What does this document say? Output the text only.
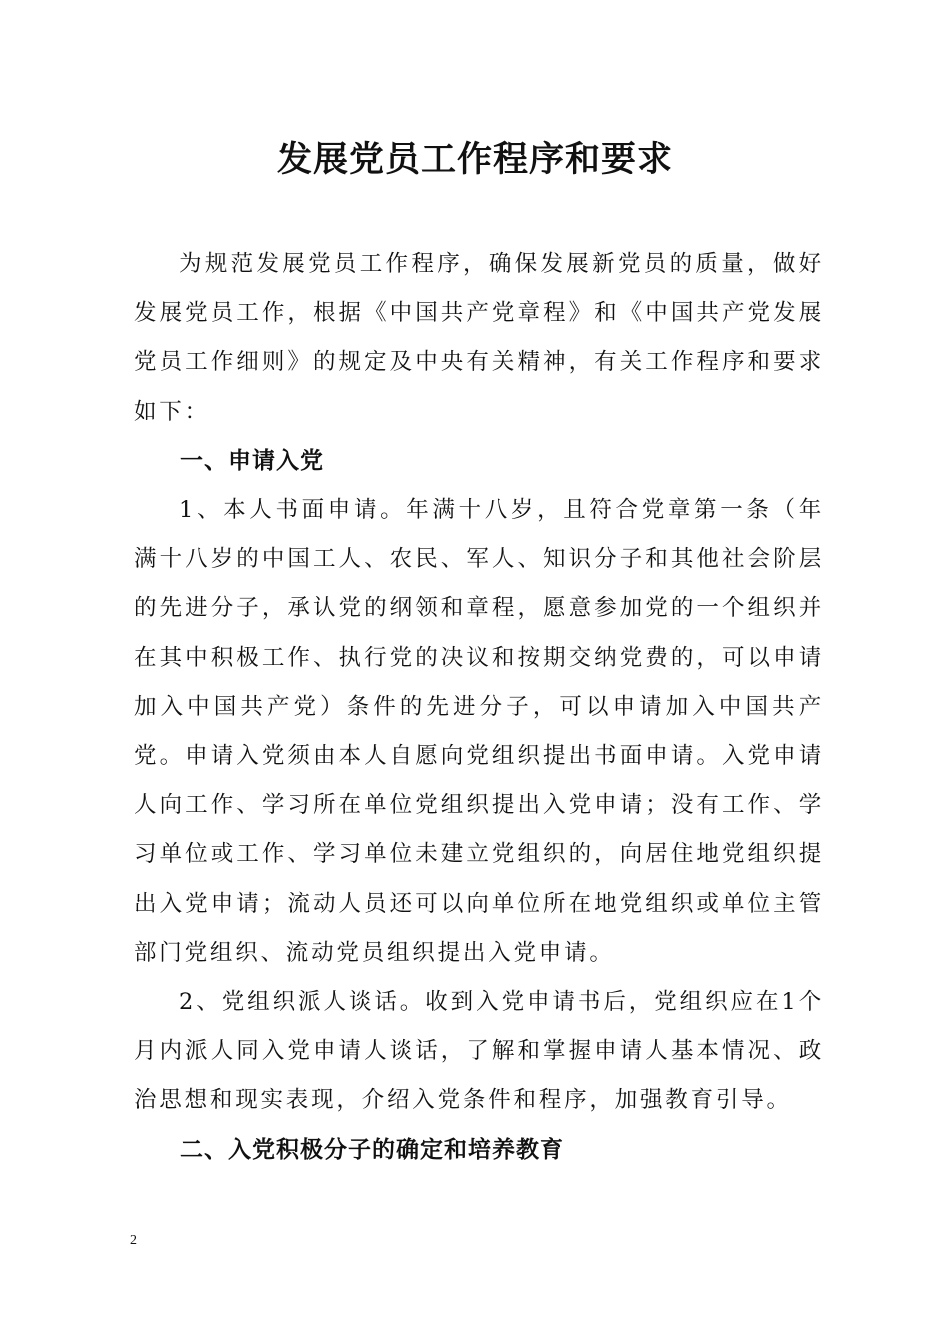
发展党员工作程序和要求

为规范发展党员工作程序，确保发展新党员的质量，做好发展党员工作，根据《中国共产党章程》和《中国共产党发展党员工作细则》的规定及中央有关精神，有关工作程序和要求如下：

一、申请入党

1、本人书面申请。年满十八岁，且符合党章第一条（年满十八岁的中国工人、农民、军人、知识分子和其他社会阶层的先进分子，承认党的纲领和章程，愿意参加党的一个组织并在其中积极工作、执行党的决议和按期交纳党费的，可以申请加入中国共产党）条件的先进分子，可以申请加入中国共产党。申请入党须由本人自愿向党组织提出书面申请。入党申请人向工作、学习所在单位党组织提出入党申请；没有工作、学习单位或工作、学习单位未建立党组织的，向居住地党组织提出入党申请；流动人员还可以向单位所在地党组织或单位主管部门党组织、流动党员组织提出入党申请。

2、党组织派人谈话。收到入党申请书后，党组织应在1个月内派人同入党申请人谈话，了解和掌握申请人基本情况、政治思想和现实表现，介绍入党条件和程序，加强教育引导。

二、入党积极分子的确定和培养教育

2
